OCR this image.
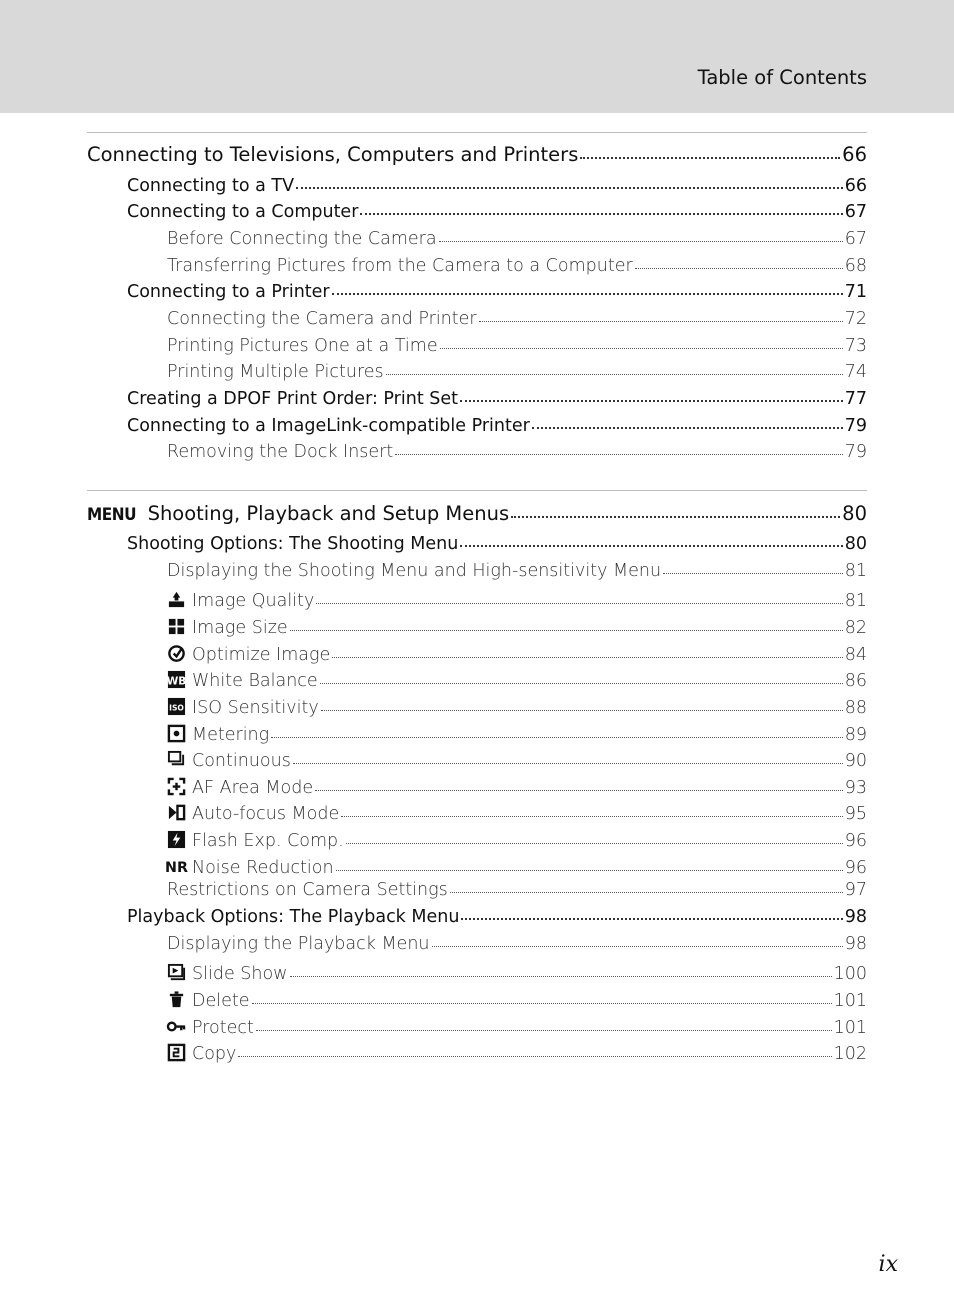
Table of Contents
Connecting to Televisions, Computers and Printers	66
Connecting to a TV	66
Connecting to a Computer	67
Before Connecting the Camera	67
Transferring Pictures from the Camera to a Computer	68
Connecting to a Printer	71
Connecting the Camera and Printer	72
Printing Pictures One at a Time	73
Printing Multiple Pictures	74
Creating a DPOF Print Order: Print Set	77
Connecting to a ImageLink-compatible Printer	79
Removing the Dock Insert	79
MENU Shooting, Playback and Setup Menus	80
Shooting Options: The Shooting Menu	80
Displaying the Shooting Menu and High-sensitivity Menu	81
Image Quality	81
Image Size	82
Optimize Image	84
WB White Balance	86
ISO ISO Sensitivity	88
Metering	89
Continuous	90
AF Area Mode	93
Auto-focus Mode	95
Flash Exp. Comp.	96
NR Noise Reduction	96
Restrictions on Camera Settings	97
Playback Options: The Playback Menu	98
Displaying the Playback Menu	98
Slide Show	100
Delete	101
Protect	101
Copy	102
ix
